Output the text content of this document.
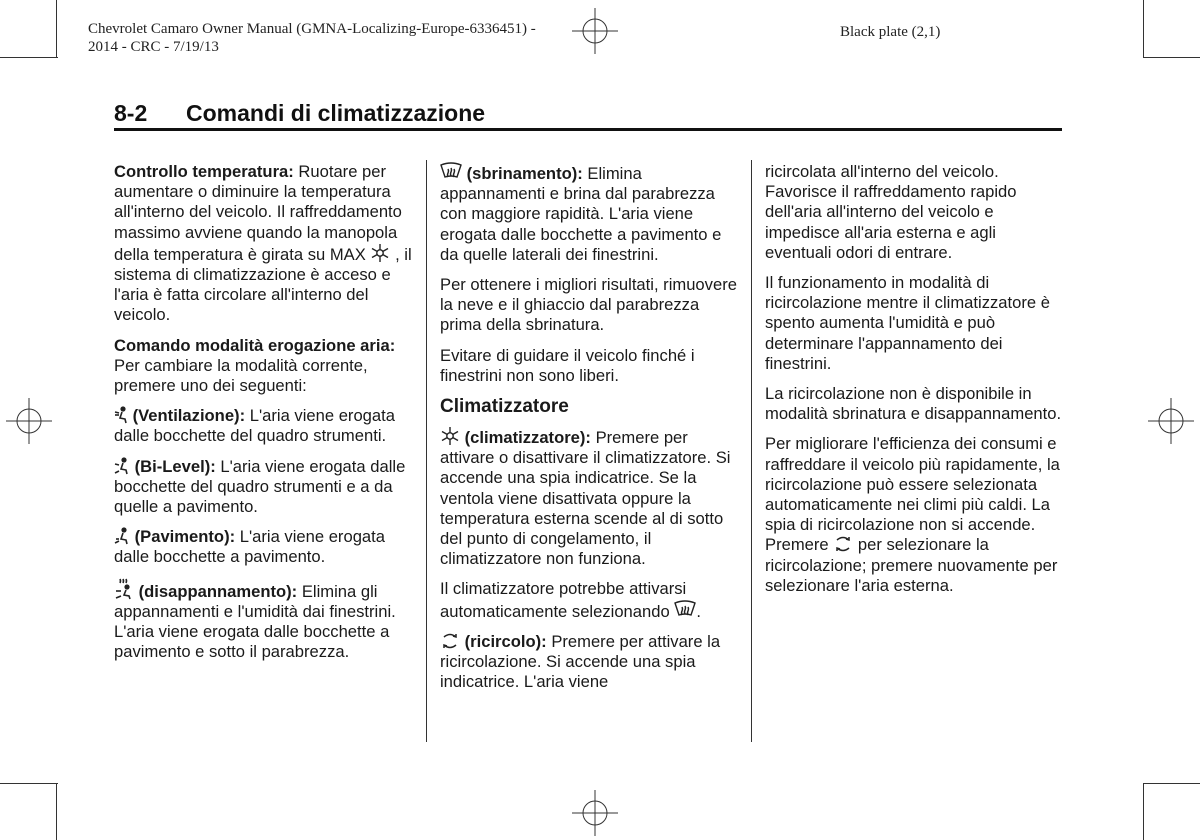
Chevrolet Camaro Owner Manual (GMNA-Localizing-Europe-6336451) -
2014 - CRC - 7/19/13
Black plate (2,1)
8-2 Comandi di climatizzazione

Controllo temperatura: Ruotare per aumentare o diminuire la temperatura all'interno del veicolo. Il raffreddamento massimo avviene quando la manopola della temperatura è girata su MAX , il sistema di climatizzazione è acceso e l'aria è fatta circolare all'interno del veicolo.

Comando modalità erogazione aria: Per cambiare la modalità corrente, premere uno dei seguenti:

(Ventilazione): L'aria viene erogata dalle bocchette del quadro strumenti.

(Bi-Level): L'aria viene erogata dalle bocchette del quadro strumenti e a da quelle a pavimento.

(Pavimento): L'aria viene erogata dalle bocchette a pavimento.

(disappannamento): Elimina gli appannamenti e l'umidità dai finestrini. L'aria viene erogata dalle bocchette a pavimento e sotto il parabrezza.

(sbrinamento): Elimina appannamenti e brina dal parabrezza con maggiore rapidità. L'aria viene erogata dalle bocchette a pavimento e da quelle laterali dei finestrini.

Per ottenere i migliori risultati, rimuovere la neve e il ghiaccio dal parabrezza prima della sbrinatura.

Evitare di guidare il veicolo finché i finestrini non sono liberi.

Climatizzatore

(climatizzatore): Premere per attivare o disattivare il climatizzatore. Si accende una spia indicatrice. Se la ventola viene disattivata oppure la temperatura esterna scende al di sotto del punto di congelamento, il climatizzatore non funziona.

Il climatizzatore potrebbe attivarsi automaticamente selezionando .

(ricircolo): Premere per attivare la ricircolazione. Si accende una spia indicatrice. L'aria viene

ricircolata all'interno del veicolo. Favorisce il raffreddamento rapido dell'aria all'interno del veicolo e impedisce all'aria esterna e agli eventuali odori di entrare.

Il funzionamento in modalità di ricircolazione mentre il climatizzatore è spento aumenta l'umidità e può determinare l'appannamento dei finestrini.

La ricircolazione non è disponibile in modalità sbrinatura e disappannamento.

Per migliorare l'efficienza dei consumi e raffreddare il veicolo più rapidamente, la ricircolazione può essere selezionata automaticamente nei climi più caldi. La spia di ricircolazione non si accende. Premere per selezionare la ricircolazione; premere nuovamente per selezionare l'aria esterna.
